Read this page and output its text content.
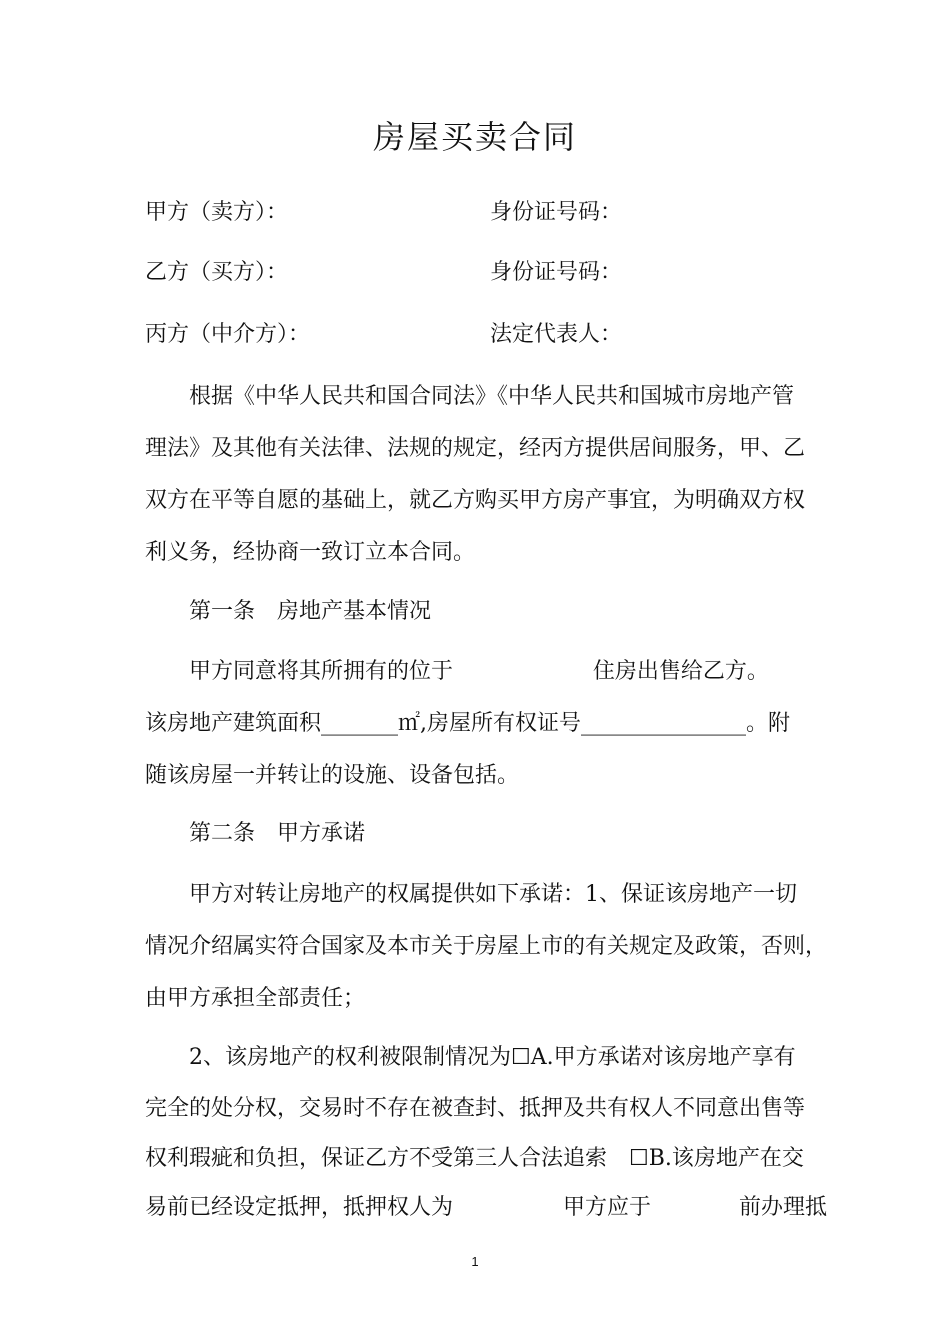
房屋买卖合同
甲方（卖方）：	身份证号码：
乙方（买方）：	身份证号码：
丙方（中介方）：	法定代表人：
根据《中华人民共和国合同法》《中华人民共和国城市房地产管
理法》及其他有关法律、法规的规定，经丙方提供居间服务，甲、乙
双方在平等自愿的基础上，就乙方购买甲方房产事宜，为明确双方权
利义务，经协商一致订立本合同。
第一条　房地产基本情况
甲方同意将其所拥有的位于                    住房出售给乙方。
该房地产建筑面积_______㎡,房屋所有权证号_______________。附
随该房屋一并转让的设施、设备包括。
第二条　甲方承诺
甲方对转让房地产的权属提供如下承诺：1、保证该房地产一切
情况介绍属实符合国家及本市关于房屋上市的有关规定及政策，否则，
由甲方承担全部责任；
2、该房地产的权利被限制情况为☐A.甲方承诺对该房地产享有
完全的处分权，交易时不存在被查封、抵押及共有权人不同意出售等
权利瑕疵和负担，保证乙方不受第三人合法追索　☐B.该房地产在交
易前已经设定抵押，抵押权人为　　　　　甲方应于　　　　前办理抵
1
